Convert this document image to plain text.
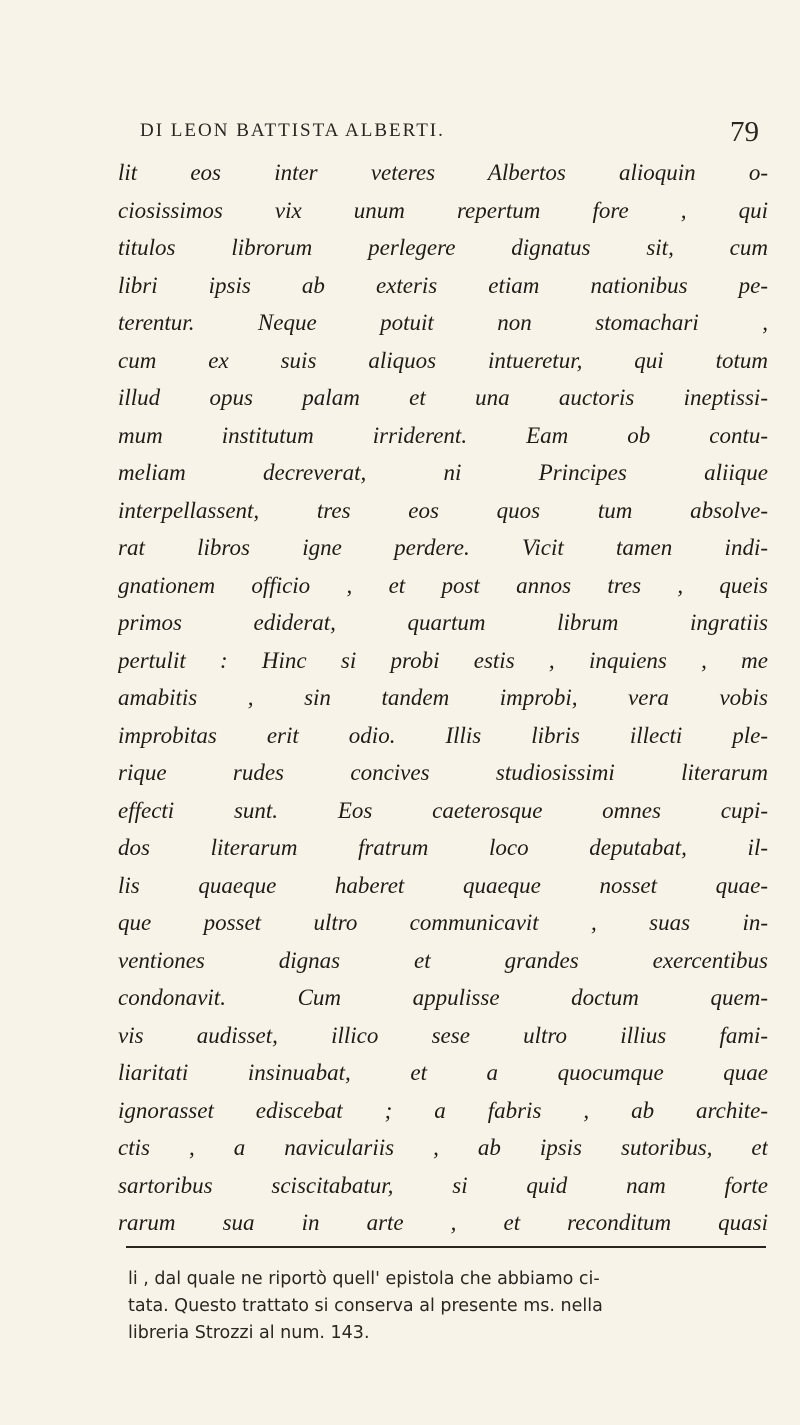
DI LEON BATTISTA ALBERTI.	79
lit eos inter veteres Albertos alioquin o-
ciosissimos vix unum repertum fore , qui
titulos librorum perlegere dignatus sit, cum
libri ipsis ab exteris etiam nationibus pe-
terentur. Neque potuit non stomachari ,
cum ex suis aliquos intueretur, qui totum
illud opus palam et una auctoris ineptissi-
mum institutum irriderent. Eam ob contu-
meliam decreverat, ni Principes aliique
interpellassent, tres eos quos tum absolve-
rat libros igne perdere. Vicit tamen indi-
gnationem officio , et post annos tres , queis
primos ediderat, quartum librum ingratiis
pertulit : Hinc si probi estis , inquiens , me
amabitis , sin tandem improbi, vera vobis
improbitas erit odio. Illis libris illecti ple-
rique rudes concives studiosissimi literarum
effecti sunt. Eos caeterosque omnes cupi-
dos literarum fratrum loco deputabat, il-
lis quaeque haberet quaeque nosset quae-
que posset ultro communicavit , suas in-
ventiones dignas et grandes exercentibus
condonavit. Cum appulisse doctum quem-
vis audisset, illico sese ultro illius fami-
liaritati insinuabat, et a quocumque quae
ignorasset ediscebat ; a fabris , ab archite-
ctis , a naviculariis , ab ipsis sutoribus, et
sartoribus sciscitabatur, si quid nam forte
rarum sua in arte , et reconditum quasi
li , dal quale ne riportò quell' epistola che abbiamo ci-
tata. Questo trattato si conserva al presente ms. nella
libreria Strozzi al num. 143.
